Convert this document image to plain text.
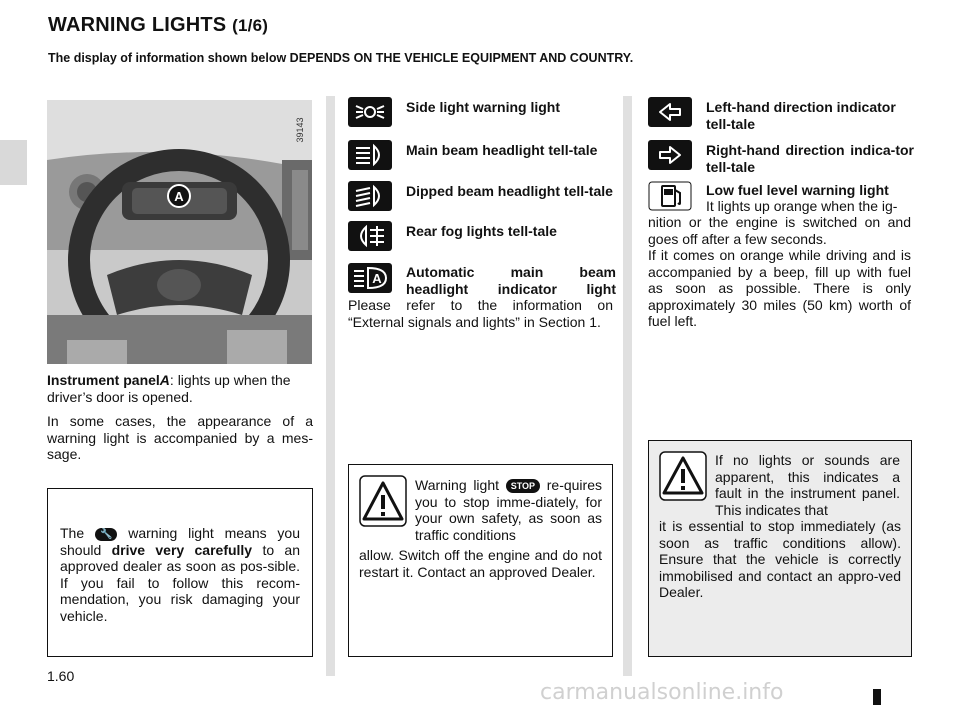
WARNING LIGHTS (1/6)

The display of information shown below DEPENDS ON THE VEHICLE EQUIPMENT AND COUNTRY.

A
39143

Instrument panelA: lights up when the driver’s door is opened.

In some cases, the appearance of a warning light is accompanied by a mes-sage.

The 🔧 warning light means you should drive very carefully to an approved dealer as soon as pos-sible. If you fail to follow this recom-mendation, you risk damaging your vehicle.

Side light warning light
Main beam headlight tell-tale
Dipped beam headlight tell-tale
Rear fog lights tell-tale
A Automatic main beam headlight indicator light

Please refer to the information on “External signals and lights” in Section 1.

Warning light STOP re-quires you to stop imme-diately, for your own safety, as soon as traffic conditions

allow. Switch off the engine and do not restart it. Contact an approved Dealer.

Left-hand direction indicator tell-tale
Right-hand direction indica-tor tell-tale
Low fuel level warning light
It lights up orange when the ig-

nition or the engine is switched on and goes off after a few seconds.

If it comes on orange while driving and is accompanied by a beep, fill up with fuel as soon as possible. There is only approximately 30 miles (50 km) worth of fuel left.

If no lights or sounds are apparent, this indicates a fault in the instrument panel. This indicates that

it is essential to stop immediately (as soon as traffic conditions allow). Ensure that the vehicle is correctly immobilised and contact an appro-ved Dealer.

1.60
carmanualsonline.info
